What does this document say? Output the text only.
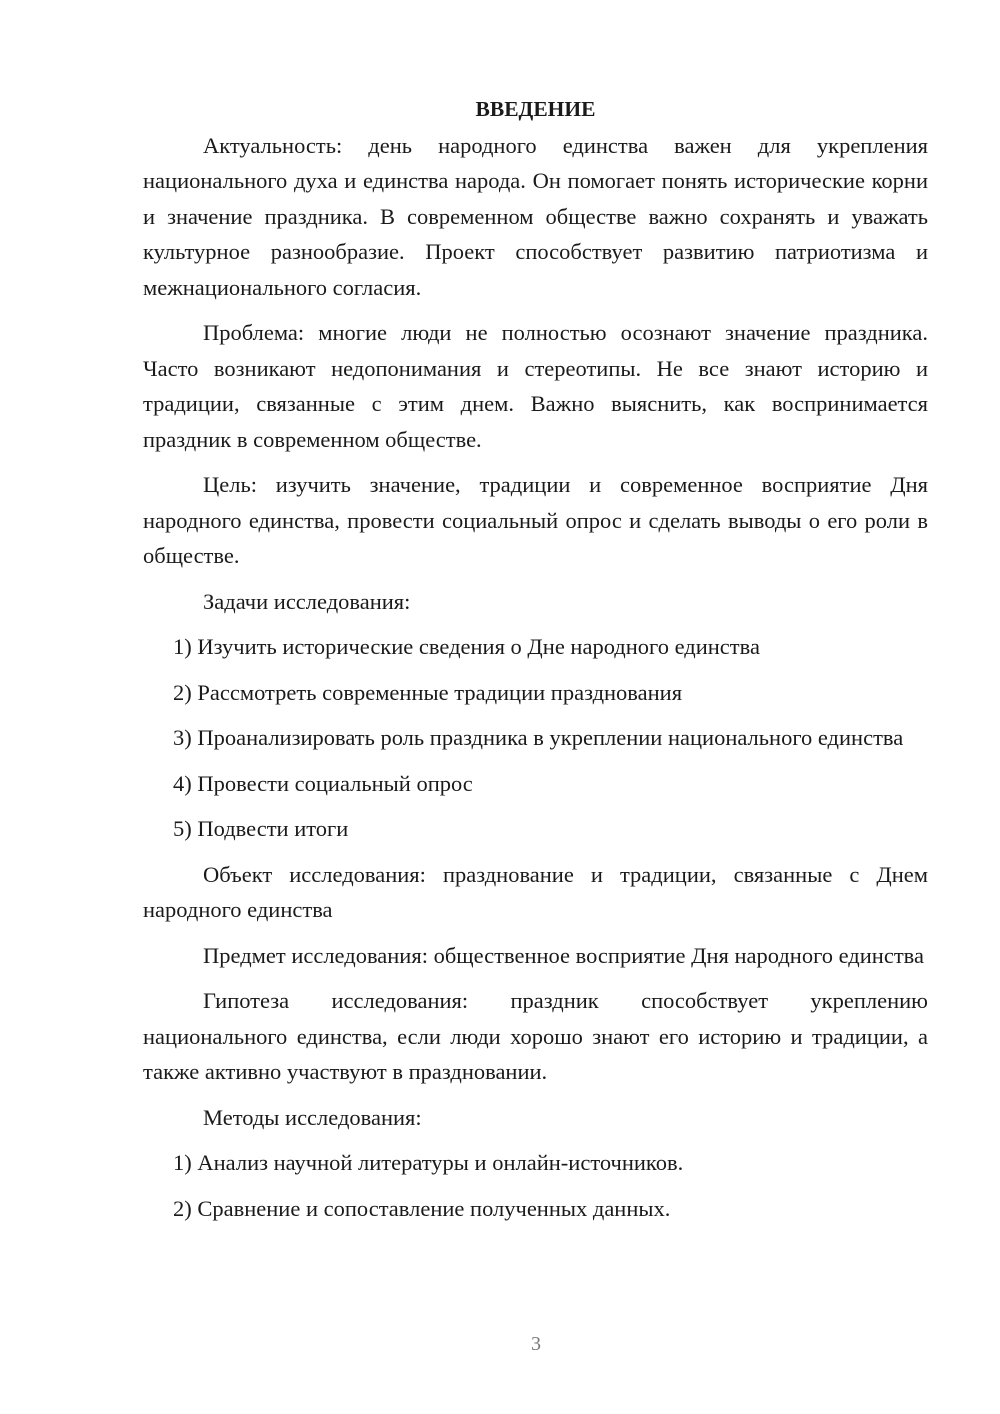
ВВЕДЕНИЕ

Актуальность: день народного единства важен для укрепления национального духа и единства народа. Он помогает понять исторические корни и значение праздника. В современном обществе важно сохранять и уважать культурное разнообразие. Проект способствует развитию патриотизма и межнационального согласия.

Проблема: многие люди не полностью осознают значение праздника. Часто возникают недопонимания и стереотипы. Не все знают историю и традиции, связанные с этим днем. Важно выяснить, как воспринимается праздник в современном обществе.

Цель: изучить значение, традиции и современное восприятие Дня народного единства, провести социальный опрос и сделать выводы о его роли в обществе.

Задачи исследования:

1) Изучить исторические сведения о Дне народного единства

2) Рассмотреть современные традиции празднования

3) Проанализировать роль праздника в укреплении национального единства

4) Провести социальный опрос

5) Подвести итоги

Объект исследования: празднование и традиции, связанные с Днем народного единства

Предмет исследования: общественное восприятие Дня народного единства

Гипотеза исследования: праздник способствует укреплению национального единства, если люди хорошо знают его историю и традиции, а также активно участвуют в праздновании.

Методы исследования:

1) Анализ научной литературы и онлайн-источников.

2) Сравнение и сопоставление полученных данных.

3
